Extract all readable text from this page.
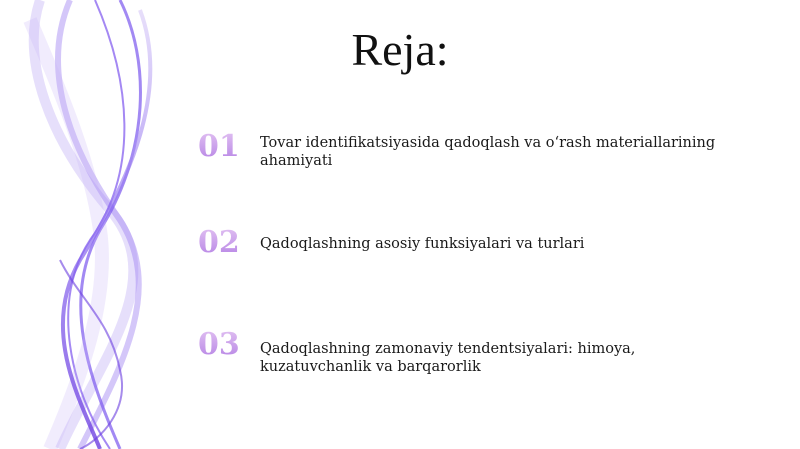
Reja:
01	Tovar identifikatsiyasida qadoqlash va o‘rash materiallarining ahamiyati
02	Qadoqlashning asosiy funksiyalari va turlari
03	Qadoqlashning zamonaviy tendentsiyalari: himoya, kuzatuvchanlik va barqarorlik
